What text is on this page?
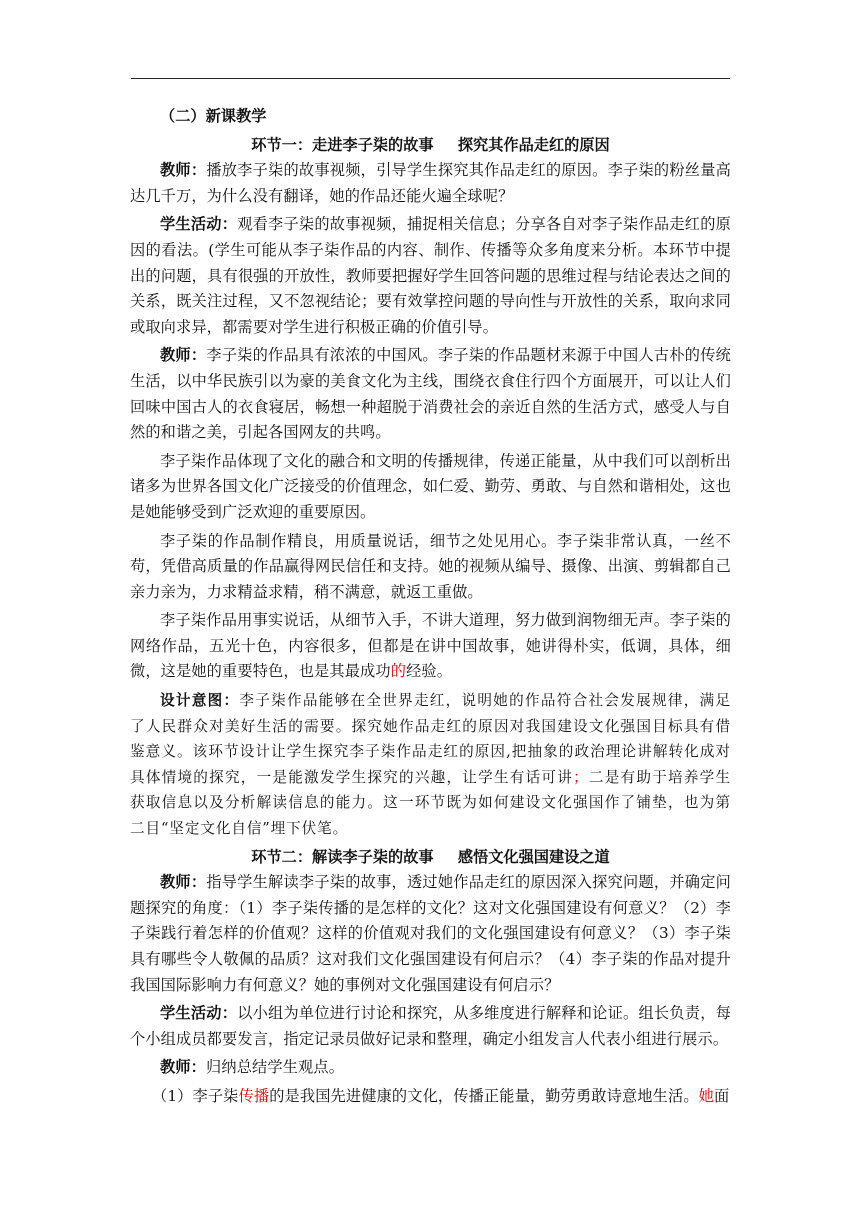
（二）新课教学

环节一：走进李子柒的故事 探究其作品走红的原因

教师：播放李子柒的故事视频，引导学生探究其作品走红的原因。李子柒的粉丝量高达几千万，为什么没有翻译，她的作品还能火遍全球呢？

学生活动：观看李子柒的故事视频，捕捉相关信息；分享各自对李子柒作品走红的原因的看法。(学生可能从李子柒作品的内容、制作、传播等众多角度来分析。本环节中提出的问题，具有很强的开放性，教师要把握好学生回答问题的思维过程与结论表达之间的关系，既关注过程，又不忽视结论；要有效掌控问题的导向性与开放性的关系，取向求同或取向求异，都需要对学生进行积极正确的价值引导。

教师：李子柒的作品具有浓浓的中国风。李子柒的作品题材来源于中国人古朴的传统生活，以中华民族引以为豪的美食文化为主线，围绕衣食住行四个方面展开，可以让人们回味中国古人的衣食寝居，畅想一种超脱于消费社会的亲近自然的生活方式，感受人与自然的和谐之美，引起各国网友的共鸣。

李子柒作品体现了文化的融合和文明的传播规律，传递正能量，从中我们可以剖析出诸多为世界各国文化广泛接受的价值理念，如仁爱、勤劳、勇敢、与自然和谐相处，这也是她能够受到广泛欢迎的重要原因。

李子柒的作品制作精良，用质量说话，细节之处见用心。李子柒非常认真，一丝不苟，凭借高质量的作品赢得网民信任和支持。她的视频从编导、摄像、出演、剪辑都自己亲力亲为，力求精益求精，稍不满意，就返工重做。

李子柒作品用事实说话，从细节入手，不讲大道理，努力做到润物细无声。李子柒的网络作品，五光十色，内容很多，但都是在讲中国故事，她讲得朴实，低调，具体，细微，这是她的重要特色，也是其最成功的经验。

设计意图：李子柒作品能够在全世界走红，说明她的作品符合社会发展规律，满足了人民群众对美好生活的需要。探究她作品走红的原因对我国建设文化强国目标具有借鉴意义。该环节设计让学生探究李子柒作品走红的原因,把抽象的政治理论讲解转化成对具体情境的探究，一是能激发学生探究的兴趣，让学生有话可讲；二是有助于培养学生获取信息以及分析解读信息的能力。这一环节既为如何建设文化强国作了铺垫，也为第二目“坚定文化自信”埋下伏笔。

环节二：解读李子柒的故事 感悟文化强国建设之道

教师：指导学生解读李子柒的故事，透过她作品走红的原因深入探究问题，并确定问题探究的角度：（1）李子柒传播的是怎样的文化？这对文化强国建设有何意义？（2）李子柒践行着怎样的价值观？这样的价值观对我们的文化强国建设有何意义？（3）李子柒具有哪些令人敬佩的品质？这对我们文化强国建设有何启示？（4）李子柒的作品对提升我国国际影响力有何意义？她的事例对文化强国建设有何启示？

学生活动：以小组为单位进行讨论和探究，从多维度进行解释和论证。组长负责，每个小组成员都要发言，指定记录员做好记录和整理，确定小组发言人代表小组进行展示。

教师：归纳总结学生观点。

（1）李子柒传播的是我国先进健康的文化，传播正能量，勤劳勇敢诗意地生活。她面
